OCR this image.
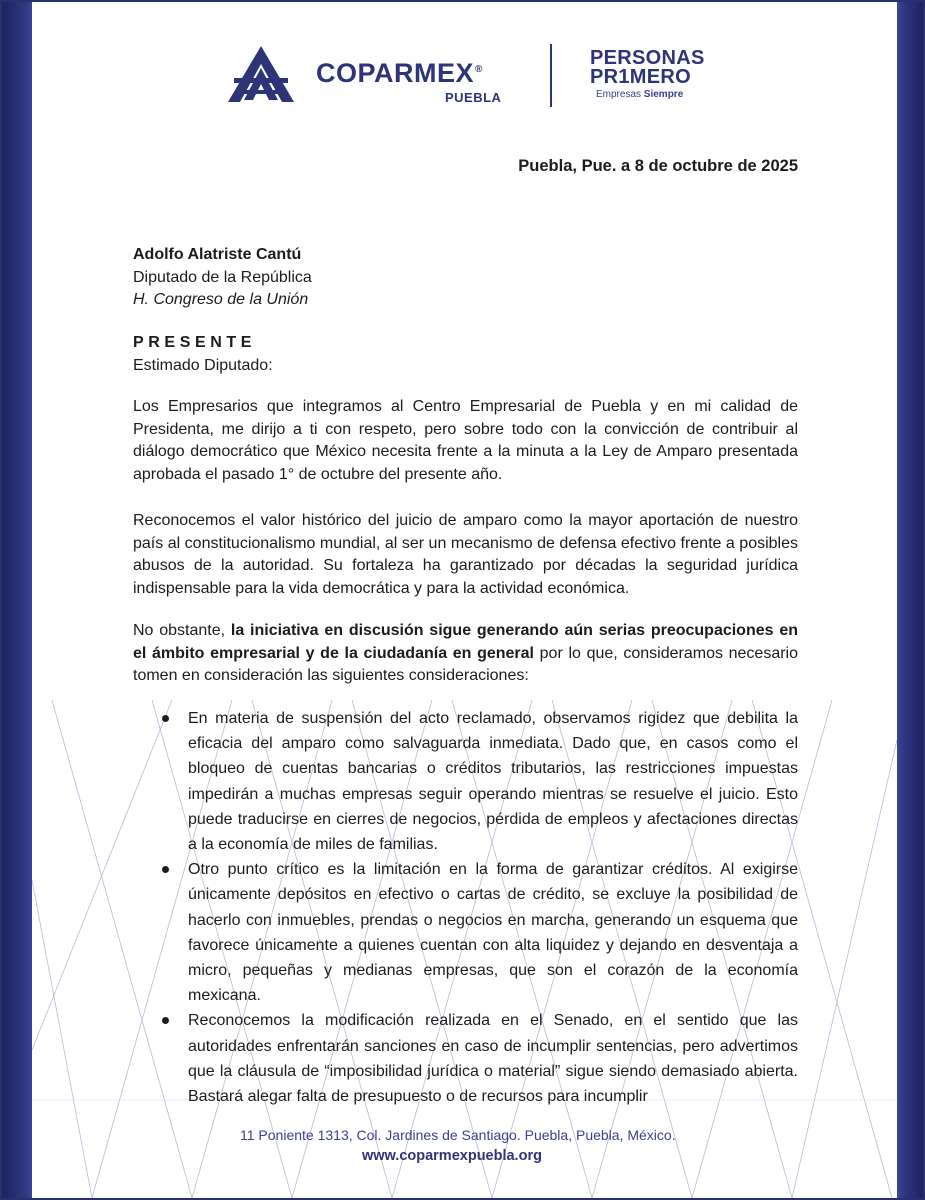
COPARMEX®
PUEBLA
PERSONAS
PR1MERO
Empresas Siempre
Puebla, Pue. a 8 de octubre de 2025
Adolfo Alatriste Cantú
Diputado de la República
H. Congreso de la Unión
PRESENTE
Estimado Diputado:

Los Empresarios que integramos al Centro Empresarial de Puebla y en mi calidad de Presidenta, me dirijo a ti con respeto, pero sobre todo con la convicción de contribuir al diálogo democrático que México necesita frente a la minuta a la Ley de Amparo presentada aprobada el pasado 1° de octubre del presente año.

Reconocemos el valor histórico del juicio de amparo como la mayor aportación de nuestro país al constitucionalismo mundial, al ser un mecanismo de defensa efectivo frente a posibles abusos de la autoridad. Su fortaleza ha garantizado por décadas la seguridad jurídica indispensable para la vida democrática y para la actividad económica.

No obstante, la iniciativa en discusión sigue generando aún serias preocupaciones en el ámbito empresarial y de la ciudadanía en general por lo que, consideramos necesario tomen en consideración las siguientes consideraciones:

En materia de suspensión del acto reclamado, observamos rigidez que debilita la eficacia del amparo como salvaguarda inmediata. Dado que, en casos como el bloqueo de cuentas bancarias o créditos tributarios, las restricciones impuestas impedirán a muchas empresas seguir operando mientras se resuelve el juicio. Esto puede traducirse en cierres de negocios, pérdida de empleos y afectaciones directas a la economía de miles de familias.
Otro punto crítico es la limitación en la forma de garantizar créditos. Al exigirse únicamente depósitos en efectivo o cartas de crédito, se excluye la posibilidad de hacerlo con inmuebles, prendas o negocios en marcha, generando un esquema que favorece únicamente a quienes cuentan con alta liquidez y dejando en desventaja a micro, pequeñas y medianas empresas, que son el corazón de la economía mexicana.
Reconocemos la modificación realizada en el Senado, en el sentido que las autoridades enfrentarán sanciones en caso de incumplir sentencias, pero advertimos que la cláusula de “imposibilidad jurídica o material” sigue siendo demasiado abierta. Bastará alegar falta de presupuesto o de recursos para incumplir
11 Poniente 1313, Col. Jardines de Santiago. Puebla, Puebla, México.
www.coparmexpuebla.org
